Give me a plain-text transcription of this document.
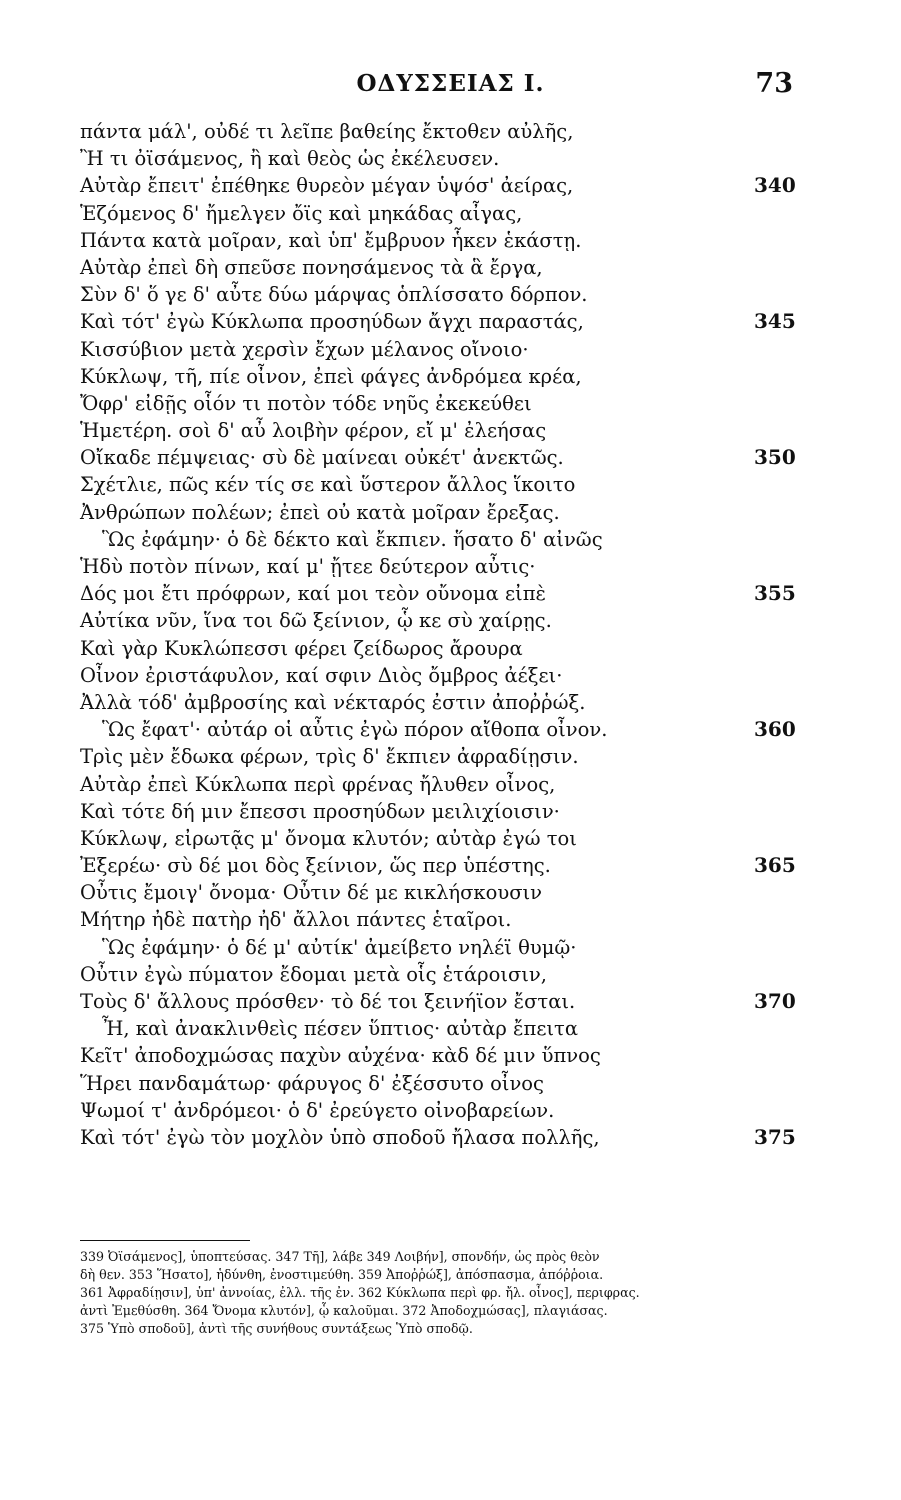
ΟΔΥΣΣΕΙΑΣ Ι.	73
πάντα μάλ', οὐδέ τι λεῖπε βαθείης ἔκτοθεν αὐλῆς,
Ἢ τι ὀϊσάμενος, ἢ καὶ θεὸς ὡς ἐκέλευσεν.
Αὐτὰρ ἔπειτ' ἐπέθηκε θυρεὸν μέγαν ὑψόσ' ἀείρας,	340
Ἑζόμενος δ' ἤμελγεν ὄϊς καὶ μηκάδας αἶγας,
Πάντα κατὰ μοῖραν, καὶ ὑπ' ἔμβρυον ἧκεν ἑκάστῃ.
Αὐτὰρ ἐπεὶ δὴ σπεῦσε πονησάμενος τὰ ἃ ἔργα,
Σὺν δ' ὅ γε δ' αὖτε δύω μάρψας ὁπλίσσατο δόρπον.
Καὶ τότ' ἐγὼ Κύκλωπα προσηύδων ἄγχι παραστάς,	345
Κισσύβιον μετὰ χερσὶν ἔχων μέλανος οἴνοιο·
Κύκλωψ, τῆ, πίε οἶνον, ἐπεὶ φάγες ἀνδρόμεα κρέα,
Ὄφρ' εἰδῇς οἷόν τι ποτὸν τόδε νηῦς ἐκεκεύθει
Ἡμετέρη. σοὶ δ' αὖ λοιβὴν φέρον, εἴ μ' ἐλεήσας
Οἴκαδε πέμψειας· σὺ δὲ μαίνεαι οὐκέτ' ἀνεκτῶς.	350
Σχέτλιε, πῶς κέν τίς σε καὶ ὕστερον ἄλλος ἵκοιτο
Ἀνθρώπων πολέων; ἐπεὶ οὐ κατὰ μοῖραν ἔρεξας.
Ὣς ἐφάμην· ὁ δὲ δέκτο καὶ ἔκπιεν. ἥσατο δ' αἰνῶς
Ἡδὺ ποτὸν πίνων, καί μ' ᾔτεε δεύτερον αὖτις·
Δός μοι ἔτι πρόφρων, καί μοι τεὸν οὔνομα εἰπὲ	355
Αὐτίκα νῦν, ἵνα τοι δῶ ξείνιον, ᾧ κε σὺ χαίρῃς.
Καὶ γὰρ Κυκλώπεσσι φέρει ζείδωρος ἄρουρα
Οἶνον ἐριστάφυλον, καί σφιν Διὸς ὄμβρος ἀέξει·
Ἀλλὰ τόδ' ἀμβροσίης καὶ νέκταρός ἐστιν ἀποῤῥώξ.
Ὣς ἔφατ'· αὐτάρ οἱ αὖτις ἐγὼ πόρον αἴθοπα οἶνον.	360
Τρὶς μὲν ἔδωκα φέρων, τρὶς δ' ἔκπιεν ἀφραδίῃσιν.
Αὐτὰρ ἐπεὶ Κύκλωπα περὶ φρένας ἤλυθεν οἶνος,
Καὶ τότε δή μιν ἔπεσσι προσηύδων μειλιχίοισιν·
Κύκλωψ, εἰρωτᾷς μ' ὄνομα κλυτόν; αὐτὰρ ἐγώ τοι
Ἐξερέω· σὺ δέ μοι δὸς ξείνιον, ὥς περ ὑπέστης.	365
Οὖτις ἔμοιγ' ὄνομα· Οὖτιν δέ με κικλήσκουσιν
Μήτηρ ἠδὲ πατὴρ ἠδ' ἄλλοι πάντες ἑταῖροι.
Ὣς ἐφάμην· ὁ δέ μ' αὐτίκ' ἀμείβετο νηλέϊ θυμῷ·
Οὖτιν ἐγὼ πύματον ἔδομαι μετὰ οἷς ἑτάροισιν,
Τοὺς δ' ἄλλους πρόσθεν· τὸ δέ τοι ξεινήϊον ἔσται.	370
Ἦ, καὶ ἀνακλινθεὶς πέσεν ὕπτιος· αὐτὰρ ἔπειτα
Κεῖτ' ἀποδοχμώσας παχὺν αὐχένα· κὰδ δέ μιν ὕπνος
Ἥρει πανδαμάτωρ· φάρυγος δ' ἐξέσσυτο οἶνος
Ψωμοί τ' ἀνδρόμεοι· ὁ δ' ἐρεύγετο οἰνοβαρείων.
Καὶ τότ' ἐγὼ τὸν μοχλὸν ὑπὸ σποδοῦ ἤλασα πολλῆς,	375
339 Ὀϊσάμενος], ὑποπτεύσας. 347 Τῆ], λάβε 349 Λοιβήν], σπονδήν, ὡς πρὸς θεὸν
δὴ θεν. 353 Ἥσατο], ἡδύνθη, ἐνοστιμεύθη. 359 Ἀποῤῥώξ], ἀπόσπασμα, ἀπόῤῥοια.
361 Ἀφραδίῃσιν], ὑπ' ἀννοίας, ἐλλ. τῆς ἐν. 362 Κύκλωπα περὶ φρ. ἤλ. οἶνος], περιφρας.
ἀντὶ Ἐμεθύσθη. 364 Ὄνομα κλυτόν], ᾧ καλοῦμαι. 372 Ἀποδοχμώσας], πλαγιάσας.
375 Ὑπὸ σποδοῦ], ἀντὶ τῆς συνήθους συντάξεως Ὑπὸ σποδῷ.
